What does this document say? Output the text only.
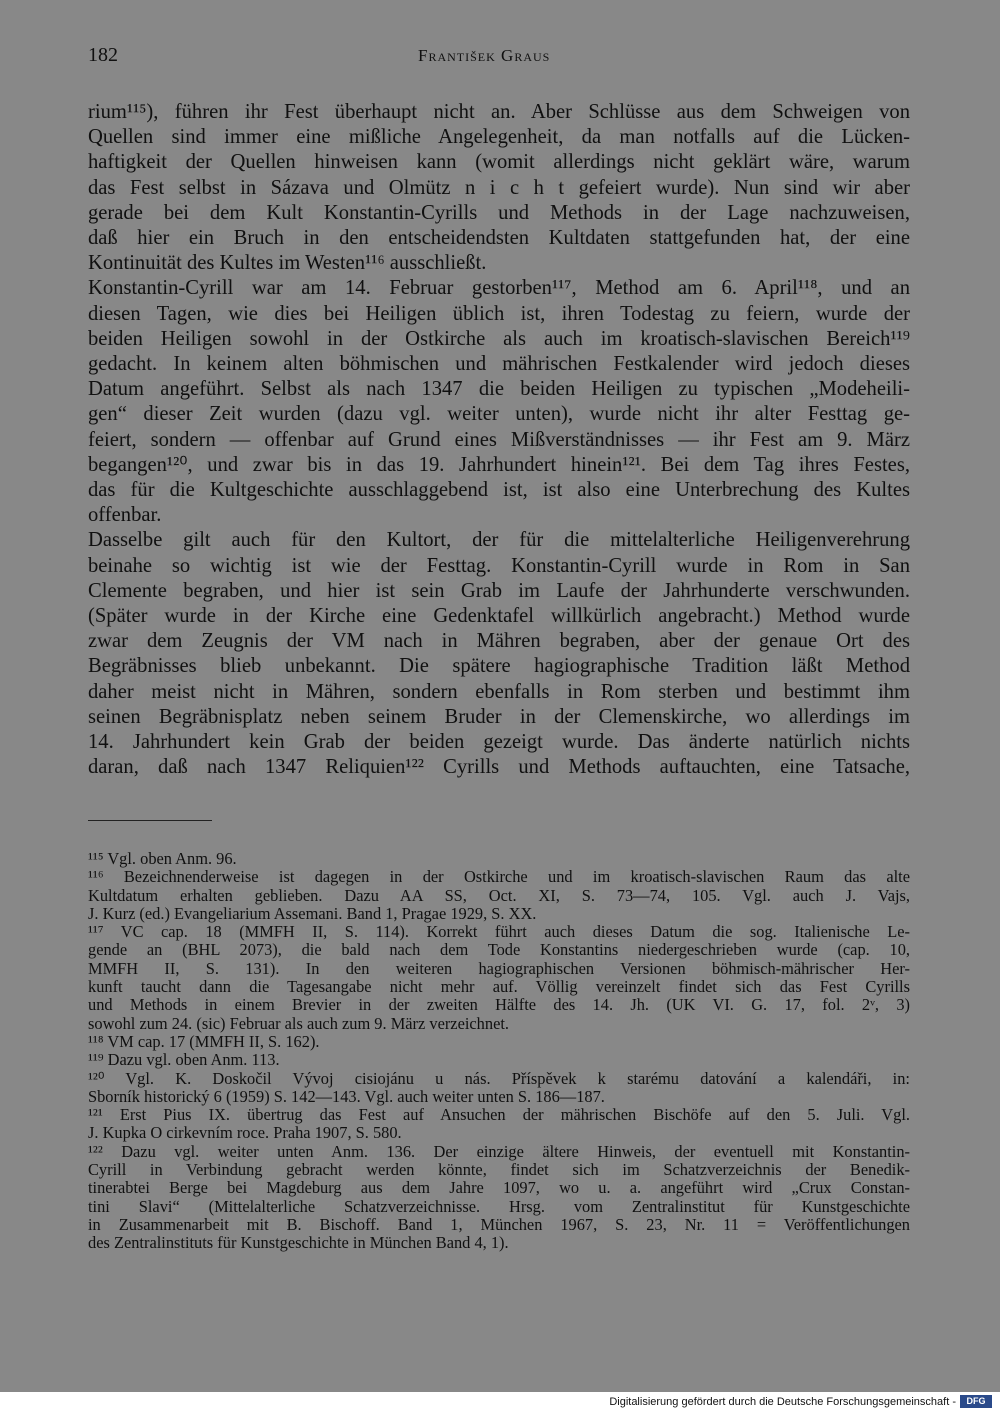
182	František Graus
rium¹¹⁵), führen ihr Fest überhaupt nicht an. Aber Schlüsse aus dem Schweigen von
Quellen sind immer eine mißliche Angelegenheit, da man notfalls auf die Lücken-
haftigkeit der Quellen hinweisen kann (womit allerdings nicht geklärt wäre, warum
das Fest selbst in Sázava und Olmütz n i c h t gefeiert wurde). Nun sind wir aber
gerade bei dem Kult Konstantin-Cyrills und Methods in der Lage nachzuweisen,
daß hier ein Bruch in den entscheidendsten Kultdaten stattgefunden hat, der eine
Kontinuität des Kultes im Westen¹¹⁶ ausschließt.
Konstantin-Cyrill war am 14. Februar gestorben¹¹⁷, Method am 6. April¹¹⁸, und an
diesen Tagen, wie dies bei Heiligen üblich ist, ihren Todestag zu feiern, wurde der
beiden Heiligen sowohl in der Ostkirche als auch im kroatisch-slavischen Bereich¹¹⁹
gedacht. In keinem alten böhmischen und mährischen Festkalender wird jedoch dieses
Datum angeführt. Selbst als nach 1347 die beiden Heiligen zu typischen „Modeheili-
gen“ dieser Zeit wurden (dazu vgl. weiter unten), wurde nicht ihr alter Festtag ge-
feiert, sondern — offenbar auf Grund eines Mißverständnisses — ihr Fest am 9. März
begangen¹²⁰, und zwar bis in das 19. Jahrhundert hinein¹²¹. Bei dem Tag ihres Festes,
das für die Kultgeschichte ausschlaggebend ist, ist also eine Unterbrechung des Kultes
offenbar.
Dasselbe gilt auch für den Kultort, der für die mittelalterliche Heiligenverehrung
beinahe so wichtig ist wie der Festtag. Konstantin-Cyrill wurde in Rom in San
Clemente begraben, und hier ist sein Grab im Laufe der Jahrhunderte verschwunden.
(Später wurde in der Kirche eine Gedenktafel willkürlich angebracht.) Method wurde
zwar dem Zeugnis der VM nach in Mähren begraben, aber der genaue Ort des
Begräbnisses blieb unbekannt. Die spätere hagiographische Tradition läßt Method
daher meist nicht in Mähren, sondern ebenfalls in Rom sterben und bestimmt ihm
seinen Begräbnisplatz neben seinem Bruder in der Clemenskirche, wo allerdings im
14. Jahrhundert kein Grab der beiden gezeigt wurde. Das änderte natürlich nichts
daran, daß nach 1347 Reliquien¹²² Cyrills und Methods auftauchten, eine Tatsache,
¹¹⁵ Vgl. oben Anm. 96.
¹¹⁶ Bezeichnenderweise ist dagegen in der Ostkirche und im kroatisch-slavischen Raum das alte
Kultdatum erhalten geblieben. Dazu AA SS, Oct. XI, S. 73—74, 105. Vgl. auch J. Vajs,
J. Kurz (ed.) Evangeliarium Assemani. Band 1, Pragae 1929, S. XX.
¹¹⁷ VC cap. 18 (MMFH II, S. 114). Korrekt führt auch dieses Datum die sog. Italienische Le-
gende an (BHL 2073), die bald nach dem Tode Konstantins niedergeschrieben wurde (cap. 10,
MMFH II, S. 131). In den weiteren hagiographischen Versionen böhmisch-mährischer Her-
kunft taucht dann die Tagesangabe nicht mehr auf. Völlig vereinzelt findet sich das Fest Cyrills
und Methods in einem Brevier in der zweiten Hälfte des 14. Jh. (UK VI. G. 17, fol. 2ᵛ, 3)
sowohl zum 24. (sic) Februar als auch zum 9. März verzeichnet.
¹¹⁸ VM cap. 17 (MMFH II, S. 162).
¹¹⁹ Dazu vgl. oben Anm. 113.
¹²⁰ Vgl. K. Doskočil Vývoj cisiojánu u nás. Příspěvek k starému datování a kalendáři, in:
Sborník historický 6 (1959) S. 142—143. Vgl. auch weiter unten S. 186—187.
¹²¹ Erst Pius IX. übertrug das Fest auf Ansuchen der mährischen Bischöfe auf den 5. Juli. Vgl.
J. Kupka O cirkevním roce. Praha 1907, S. 580.
¹²² Dazu vgl. weiter unten Anm. 136. Der einzige ältere Hinweis, der eventuell mit Konstantin-
Cyrill in Verbindung gebracht werden könnte, findet sich im Schatzverzeichnis der Benedik-
tinerabtei Berge bei Magdeburg aus dem Jahre 1097, wo u. a. angeführt wird „Crux Constan-
tini Slavi“ (Mittelalterliche Schatzverzeichnisse. Hrsg. vom Zentralinstitut für Kunstgeschichte
in Zusammenarbeit mit B. Bischoff. Band 1, München 1967, S. 23, Nr. 11 = Veröffentlichungen
des Zentralinstituts für Kunstgeschichte in München Band 4, 1).
Digitalisierung gefördert durch die Deutsche Forschungsgemeinschaft -	DFG
